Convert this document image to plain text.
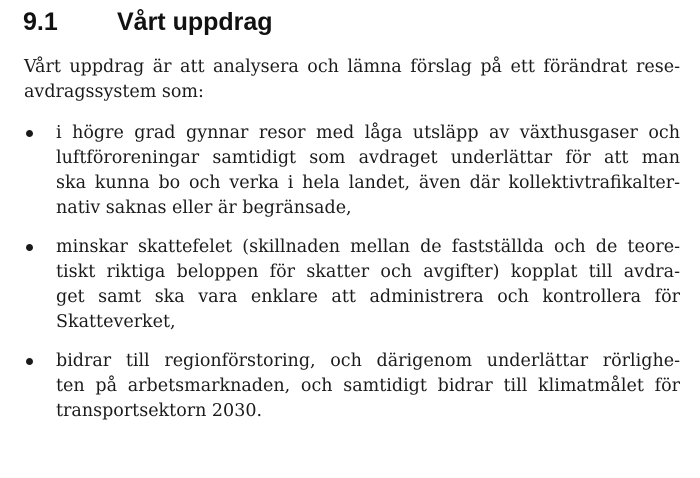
9.1 Vårt uppdrag

Vårt uppdrag är att analysera och lämna förslag på ett förändrat rese-
avdragssystem som:

i högre grad gynnar resor med låga utsläpp av växthusgaser och
luftföroreningar samtidigt som avdraget underlättar för att man
ska kunna bo och verka i hela landet, även där kollektivtrafikalter-
nativ saknas eller är begränsade,
minskar skattefelet (skillnaden mellan de fastställda och de teore-
tiskt riktiga beloppen för skatter och avgifter) kopplat till avdra-
get samt ska vara enklare att administrera och kontrollera för
Skatteverket,
bidrar till regionförstoring, och därigenom underlättar rörlighe-
ten på arbetsmarknaden, och samtidigt bidrar till klimatmålet för
transportsektorn 2030.
